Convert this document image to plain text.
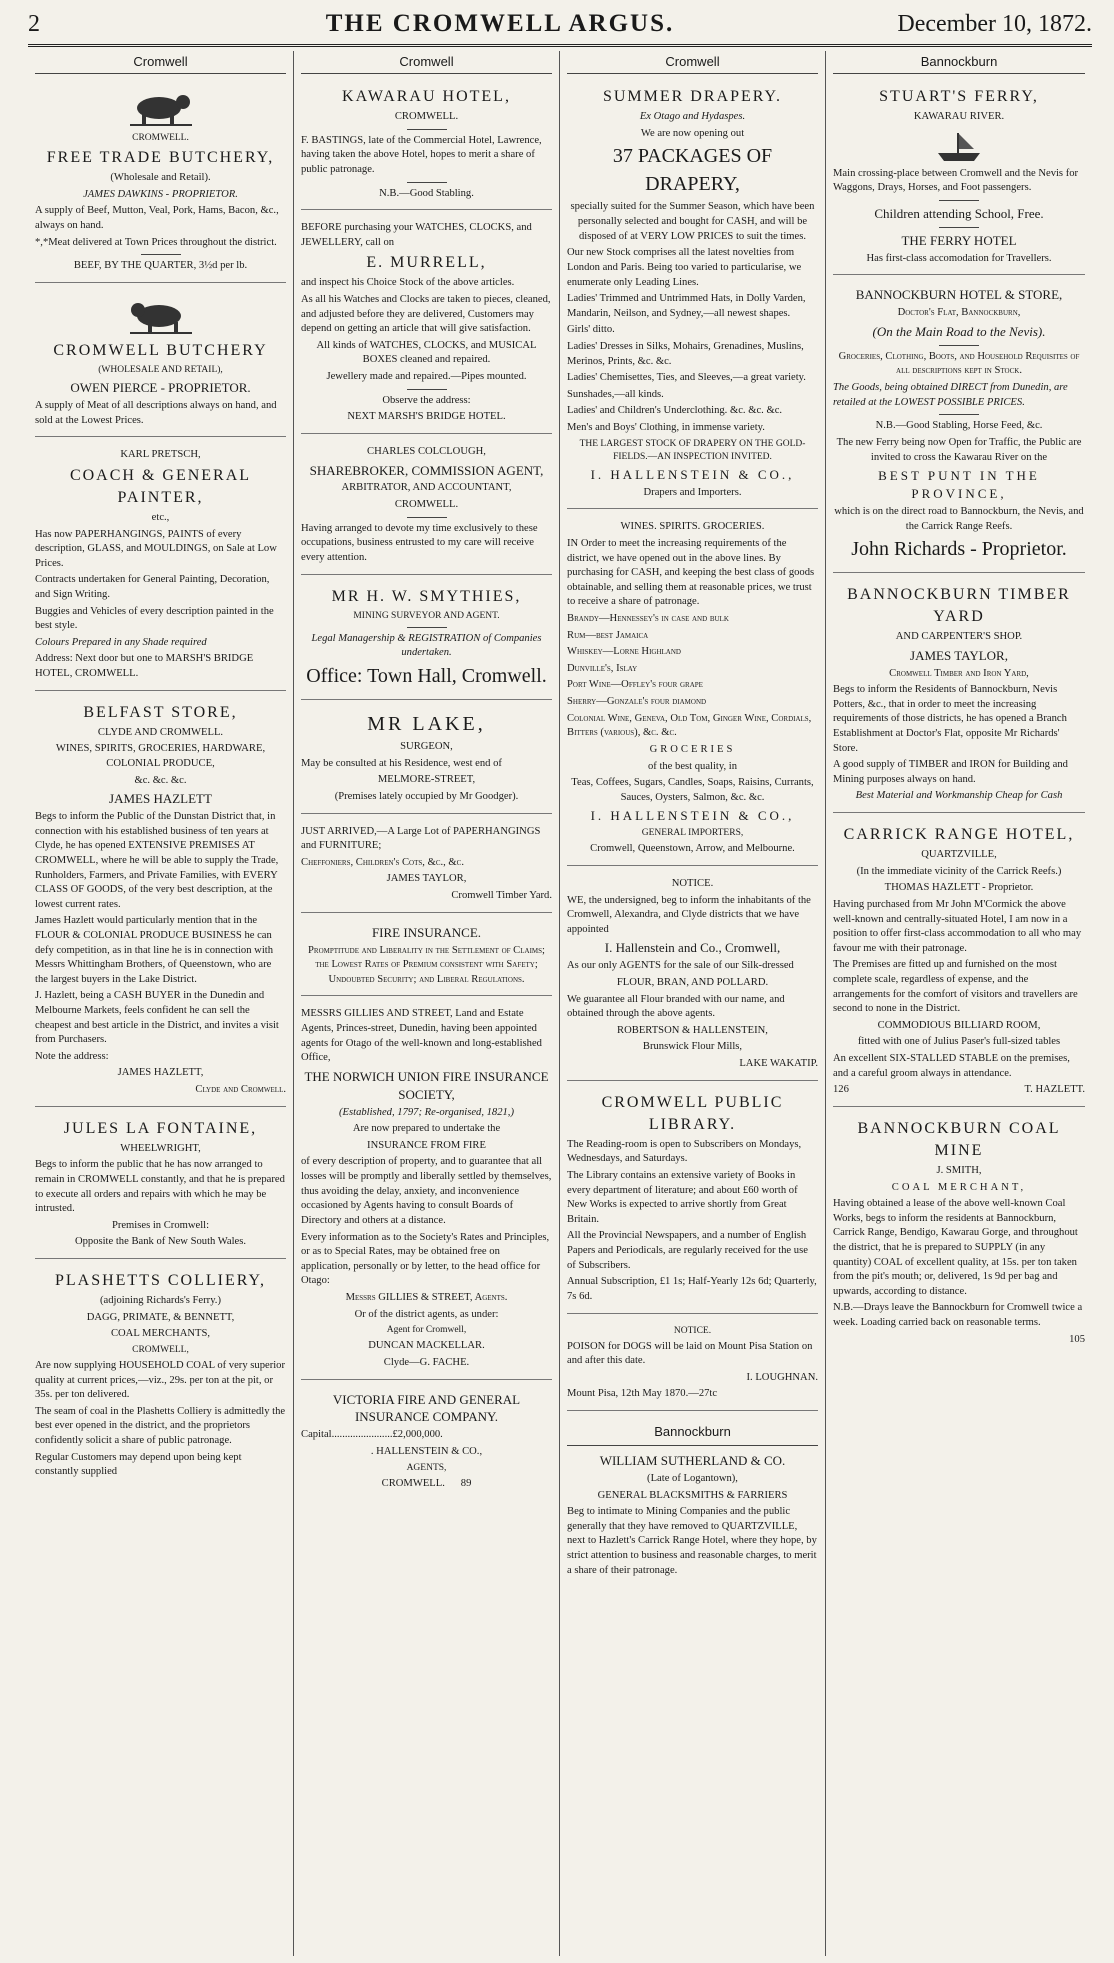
2	THE CROMWELL ARGUS.	December 10, 1872.
Cromwell

CROMWELL.

FREE TRADE BUTCHERY,

(Wholesale and Retail).

JAMES DAWKINS - PROPRIETOR.

A supply of Beef, Mutton, Veal, Pork, Hams, Bacon, &c., always on hand.

*,*Meat delivered at Town Prices throughout the district.

BEEF, BY THE QUARTER, 3½d per lb.

CROMWELL BUTCHERY

(WHOLESALE AND RETAIL),

OWEN PIERCE - PROPRIETOR.

A supply of Meat of all descriptions always on hand, and sold at the Lowest Prices.

KARL PRETSCH,

COACH & GENERAL PAINTER,

etc.,

Has now PAPERHANGINGS, PAINTS of every description, GLASS, and MOULDINGS, on Sale at Low Prices.

Contracts undertaken for General Painting, Decoration, and Sign Writing.

Buggies and Vehicles of every description painted in the best style.

Colours Prepared in any Shade required

Address: Next door but one to MARSH'S BRIDGE HOTEL, CROMWELL.

BELFAST STORE,

CLYDE AND CROMWELL.

WINES, SPIRITS, GROCERIES, HARDWARE, COLONIAL PRODUCE,

&c. &c. &c.

JAMES HAZLETT

Begs to inform the Public of the Dunstan District that, in connection with his established business of ten years at Clyde, he has opened EXTENSIVE PREMISES AT CROMWELL, where he will be able to supply the Trade, Runholders, Farmers, and Private Families, with EVERY CLASS OF GOODS, of the very best description, at the lowest current rates.

James Hazlett would particularly mention that in the FLOUR & COLONIAL PRODUCE BUSINESS he can defy competition, as in that line he is in connection with Messrs Whittingham Brothers, of Queenstown, who are the largest buyers in the Lake District.

J. Hazlett, being a CASH BUYER in the Dunedin and Melbourne Markets, feels confident he can sell the cheapest and best article in the District, and invites a visit from Purchasers.

Note the address:

JAMES HAZLETT,

Clyde and Cromwell.

JULES LA FONTAINE,

WHEELWRIGHT,

Begs to inform the public that he has now arranged to remain in CROMWELL constantly, and that he is prepared to execute all orders and repairs with which he may be intrusted.

Premises in Cromwell:

Opposite the Bank of New South Wales.

PLASHETTS COLLIERY,

(adjoining Richards's Ferry.)

DAGG, PRIMATE, & BENNETT,

COAL MERCHANTS,

CROMWELL,

Are now supplying HOUSEHOLD COAL of very superior quality at current prices,—viz., 29s. per ton at the pit, or 35s. per ton delivered.

The seam of coal in the Plashetts Colliery is admittedly the best ever opened in the district, and the proprietors confidently solicit a share of public patronage.

Regular Customers may depend upon being kept constantly supplied

Cromwell

KAWARAU HOTEL,

CROMWELL.

F. BASTINGS, late of the Commercial Hotel, Lawrence, having taken the above Hotel, hopes to merit a share of public patronage.

N.B.—Good Stabling.

BEFORE purchasing your WATCHES, CLOCKS, and JEWELLERY, call on

E. MURRELL,

and inspect his Choice Stock of the above articles.

As all his Watches and Clocks are taken to pieces, cleaned, and adjusted before they are delivered, Customers may depend on getting an article that will give satisfaction.

All kinds of WATCHES, CLOCKS, and MUSICAL BOXES cleaned and repaired.

Jewellery made and repaired.—Pipes mounted.

Observe the address:

NEXT MARSH'S BRIDGE HOTEL.

CHARLES COLCLOUGH,

SHAREBROKER, COMMISSION AGENT,

ARBITRATOR, AND ACCOUNTANT,

CROMWELL.

Having arranged to devote my time exclusively to these occupations, business entrusted to my care will receive every attention.

MR H. W. SMYTHIES,

MINING SURVEYOR AND AGENT.

Legal Managership & REGISTRATION of Companies undertaken.

Office: Town Hall, Cromwell.

MR LAKE,

SURGEON,

May be consulted at his Residence, west end of

MELMORE-STREET,

(Premises lately occupied by Mr Goodger).

JUST ARRIVED,—A Large Lot of PAPERHANGINGS and FURNITURE;

Cheffoniers, Children's Cots, &c., &c.

JAMES TAYLOR,

Cromwell Timber Yard.

FIRE INSURANCE.

Promptitude and Liberality in the Settlement of Claims; the Lowest Rates of Premium consistent with Safety; Undoubted Security; and Liberal Regulations.

MESSRS GILLIES AND STREET, Land and Estate Agents, Princes-street, Dunedin, having been appointed agents for Otago of the well-known and long-established Office,

THE NORWICH UNION FIRE INSURANCE SOCIETY,

(Established, 1797; Re-organised, 1821,)

Are now prepared to undertake the

INSURANCE FROM FIRE

of every description of property, and to guarantee that all losses will be promptly and liberally settled by themselves, thus avoiding the delay, anxiety, and inconvenience occasioned by Agents having to consult Boards of Directory and others at a distance.

Every information as to the Society's Rates and Principles, or as to Special Rates, may be obtained free on application, personally or by letter, to the head office for Otago:

Messrs GILLIES & STREET, Agents.

Or of the district agents, as under:

Agent for Cromwell,

DUNCAN MACKELLAR.

Clyde—G. FACHE.

VICTORIA FIRE AND GENERAL INSURANCE COMPANY.

Capital.......................£2,000,000.

. HALLENSTEIN & CO.,

AGENTS,

CROMWELL. 89

Cromwell

SUMMER DRAPERY.

Ex Otago and Hydaspes.

We are now opening out

37 PACKAGES OF DRAPERY,

specially suited for the Summer Season, which have been personally selected and bought for CASH, and will be disposed of at VERY LOW PRICES to suit the times.

Our new Stock comprises all the latest novelties from London and Paris. Being too varied to particularise, we enumerate only Leading Lines.

Ladies' Trimmed and Untrimmed Hats, in Dolly Varden, Mandarin, Neilson, and Sydney,—all newest shapes.

Girls' ditto.

Ladies' Dresses in Silks, Mohairs, Grenadines, Muslins, Merinos, Prints, &c. &c.

Ladies' Chemisettes, Ties, and Sleeves,—a great variety.

Sunshades,—all kinds.

Ladies' and Children's Underclothing. &c. &c. &c.

Men's and Boys' Clothing, in immense variety.

THE LARGEST STOCK OF DRAPERY ON THE GOLD-FIELDS.—AN INSPECTION INVITED.

I. HALLENSTEIN & CO.,

Drapers and Importers.

WINES. SPIRITS. GROCERIES.

IN Order to meet the increasing requirements of the district, we have opened out in the above lines. By purchasing for CASH, and keeping the best class of goods obtainable, and selling them at reasonable prices, we trust to receive a share of patronage.

Brandy—Hennessey's in case and bulk

Rum—best Jamaica

Whiskey—Lorne Highland

Dunville's, Islay

Port Wine—Offley's four grape

Sherry—Gonzale's four diamond

Colonial Wine, Geneva, Old Tom, Ginger Wine, Cordials, Bitters (various), &c. &c.

GROCERIES

of the best quality, in

Teas, Coffees, Sugars, Candles, Soaps, Raisins, Currants, Sauces, Oysters, Salmon, &c. &c.

I. HALLENSTEIN & CO.,

GENERAL IMPORTERS,

Cromwell, Queenstown, Arrow, and Melbourne.

NOTICE.

WE, the undersigned, beg to inform the inhabitants of the Cromwell, Alexandra, and Clyde districts that we have appointed

I. Hallenstein and Co., Cromwell,

As our only AGENTS for the sale of our Silk-dressed

FLOUR, BRAN, AND POLLARD.

We guarantee all Flour branded with our name, and obtained through the above agents.

ROBERTSON & HALLENSTEIN,

Brunswick Flour Mills,

LAKE WAKATIP.

CROMWELL PUBLIC LIBRARY.

The Reading-room is open to Subscribers on Mondays, Wednesdays, and Saturdays.

The Library contains an extensive variety of Books in every department of literature; and about £60 worth of New Works is expected to arrive shortly from Great Britain.

All the Provincial Newspapers, and a number of English Papers and Periodicals, are regularly received for the use of Subscribers.

Annual Subscription, £1 1s; Half-Yearly 12s 6d; Quarterly, 7s 6d.

NOTICE.

POISON for DOGS will be laid on Mount Pisa Station on and after this date.

I. LOUGHNAN.

Mount Pisa, 12th May 1870.—27tc

Bannockburn

WILLIAM SUTHERLAND & CO.

(Late of Logantown),

GENERAL BLACKSMITHS & FARRIERS

Beg to intimate to Mining Companies and the public generally that they have removed to QUARTZVILLE, next to Hazlett's Carrick Range Hotel, where they hope, by strict attention to business and reasonable charges, to merit a share of their patronage.

Bannockburn

STUART'S FERRY,

KAWARAU RIVER.

Main crossing-place between Cromwell and the Nevis for Waggons, Drays, Horses, and Foot passengers.

Children attending School, Free.

THE FERRY HOTEL

Has first-class accomodation for Travellers.

BANNOCKBURN HOTEL & STORE,

Doctor's Flat, Bannockburn,

(On the Main Road to the Nevis).

Groceries, Clothing, Boots, and Household Requisites of all descriptions kept in Stock.

The Goods, being obtained DIRECT from Dunedin, are retailed at the LOWEST POSSIBLE PRICES.

N.B.—Good Stabling, Horse Feed, &c.

The new Ferry being now Open for Traffic, the Public are invited to cross the Kawarau River on the

BEST PUNT IN THE PROVINCE,

which is on the direct road to Bannockburn, the Nevis, and the Carrick Range Reefs.

John Richards - Proprietor.

BANNOCKBURN TIMBER YARD

AND CARPENTER'S SHOP.

JAMES TAYLOR,

Cromwell Timber and Iron Yard,

Begs to inform the Residents of Bannockburn, Nevis Potters, &c., that in order to meet the increasing requirements of those districts, he has opened a Branch Establishment at Doctor's Flat, opposite Mr Richards' Store.

A good supply of TIMBER and IRON for Building and Mining purposes always on hand.

Best Material and Workmanship Cheap for Cash

CARRICK RANGE HOTEL,

QUARTZVILLE,

(In the immediate vicinity of the Carrick Reefs.)

THOMAS HAZLETT - Proprietor.

Having purchased from Mr John M'Cormick the above well-known and centrally-situated Hotel, I am now in a position to offer first-class accommodation to all who may favour me with their patronage.

The Premises are fitted up and furnished on the most complete scale, regardless of expense, and the arrangements for the comfort of visitors and travellers are second to none in the District.

COMMODIOUS BILLIARD ROOM,

fitted with one of Julius Paser's full-sized tables

An excellent SIX-STALLED STABLE on the premises, and a careful groom always in attendance.

126	T. HAZLETT.

BANNOCKBURN COAL MINE

J. SMITH,

COAL MERCHANT,

Having obtained a lease of the above well-known Coal Works, begs to inform the residents at Bannockburn, Carrick Range, Bendigo, Kawarau Gorge, and throughout the district, that he is prepared to SUPPLY (in any quantity) COAL of excellent quality, at 15s. per ton taken from the pit's mouth; or, delivered, 1s 9d per bag and upwards, according to distance.

N.B.—Drays leave the Bannockburn for Cromwell twice a week. Loading carried back on reasonable terms.

105
